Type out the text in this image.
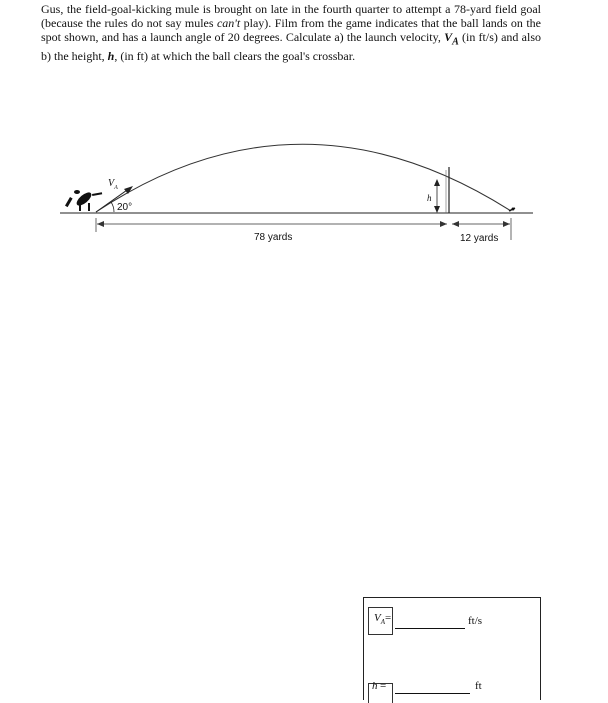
Gus, the field-goal-kicking mule is brought on late in the fourth quarter to attempt a 78-yard field goal (because the rules do not say mules can't play). Film from the game indicates that the ball lands on the spot shown, and has a launch angle of 20 degrees. Calculate a) the launch velocity, $V_A$ (in ft/s) and also b) the height, h, (in ft) at which the ball clears the goal's crossbar.

$V_A$
20°
h
78 yards	12 yards
$V_A$ =	ft/s
h =	ft
